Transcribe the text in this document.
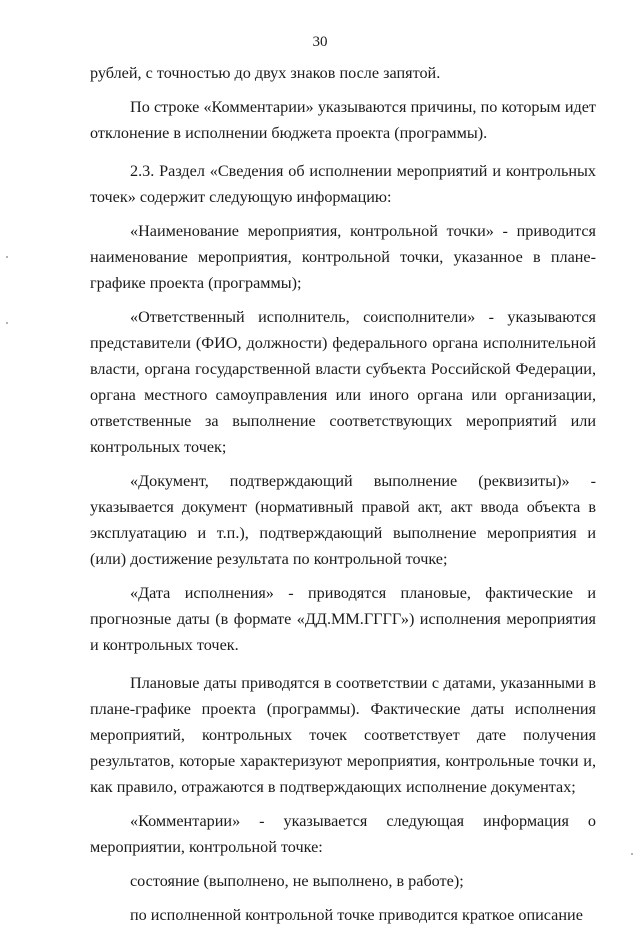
30

рублей, с точностью до двух знаков после запятой.

По строке «Комментарии» указываются причины, по которым идет отклонение в исполнении бюджета проекта (программы).

2.3. Раздел «Сведения об исполнении мероприятий и контрольных точек» содержит следующую информацию:

«Наименование мероприятия, контрольной точки» - приводится наименование мероприятия, контрольной точки, указанное в плане-графике проекта (программы);

«Ответственный исполнитель, соисполнители» - указываются представители (ФИО, должности) федерального органа исполнительной власти, органа государственной власти субъекта Российской Федерации, органа местного самоуправления или иного органа или организации, ответственные за выполнение соответствующих мероприятий или контрольных точек;

«Документ, подтверждающий выполнение (реквизиты)» - указывается документ (нормативный правой акт, акт ввода объекта в эксплуатацию и т.п.), подтверждающий выполнение мероприятия и (или) достижение результата по контрольной точке;

«Дата исполнения» - приводятся плановые, фактические и прогнозные даты (в формате «ДД.ММ.ГГГГ») исполнения мероприятия и контрольных точек.

Плановые даты приводятся в соответствии с датами, указанными в плане-графике проекта (программы). Фактические даты исполнения мероприятий, контрольных точек соответствует дате получения результатов, которые характеризуют мероприятия, контрольные точки и, как правило, отражаются в подтверждающих исполнение документах;

«Комментарии» - указывается следующая информация о мероприятии, контрольной точке:

состояние (выполнено, не выполнено, в работе);

по исполненной контрольной точке приводится краткое описание
